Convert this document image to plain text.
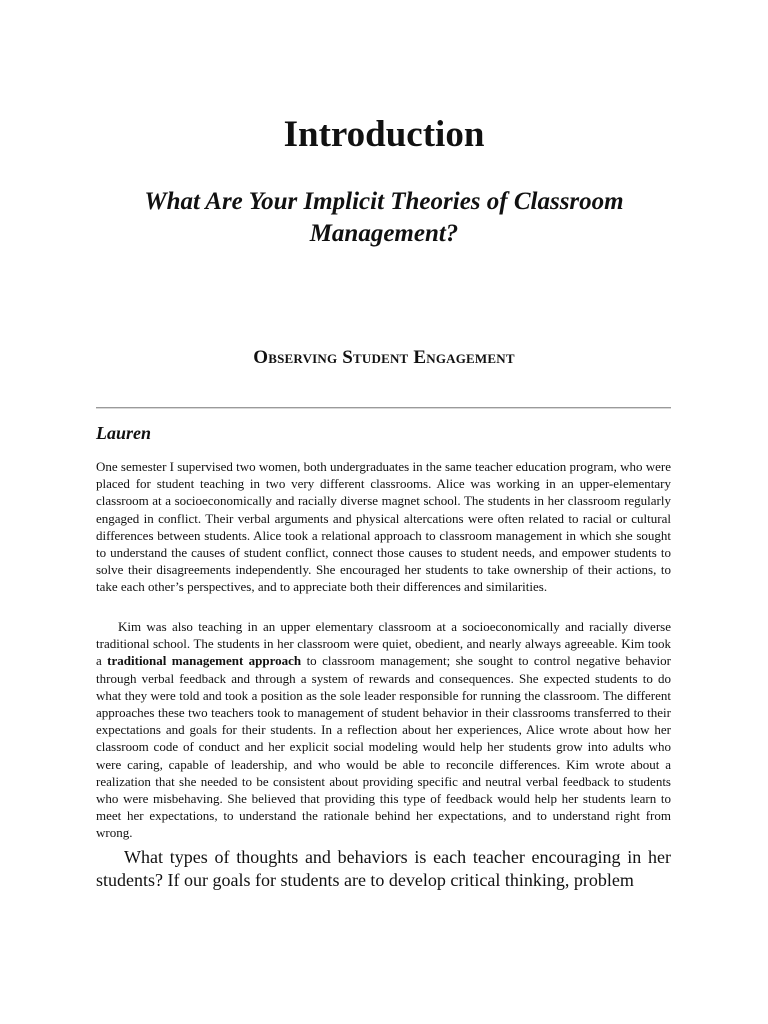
Introduction
What Are Your Implicit Theories of Classroom Management?
Observing Student Engagement
Lauren

One semester I supervised two women, both undergraduates in the same teacher education program, who were placed for student teaching in two very different classrooms. Alice was working in an upper-elementary classroom at a socioeconomically and racially diverse magnet school. The students in her classroom regularly engaged in conflict. Their verbal arguments and physical altercations were often related to racial or cultural differences between students. Alice took a relational approach to classroom management in which she sought to understand the causes of student conflict, connect those causes to student needs, and empower students to solve their disagreements independently. She encouraged her students to take ownership of their actions, to take each other’s perspectives, and to appreciate both their differences and similarities.

Kim was also teaching in an upper elementary classroom at a socioeconomically and racially diverse traditional school. The students in her classroom were quiet, obedient, and nearly always agreeable. Kim took a traditional management approach to classroom management; she sought to control negative behavior through verbal feedback and through a system of rewards and consequences. She expected students to do what they were told and took a position as the sole leader responsible for running the classroom. The different approaches these two teachers took to management of student behavior in their classrooms transferred to their expectations and goals for their students. In a reflection about her experiences, Alice wrote about how her classroom code of conduct and her explicit social modeling would help her students grow into adults who were caring, capable of leadership, and who would be able to reconcile differences. Kim wrote about a realization that she needed to be consistent about providing specific and neutral verbal feedback to students who were misbehaving. She believed that providing this type of feedback would help her students learn to meet her expectations, to understand the rationale behind her expectations, and to understand right from wrong.

What types of thoughts and behaviors is each teacher encouraging in her students? If our goals for students are to develop critical thinking, problem
